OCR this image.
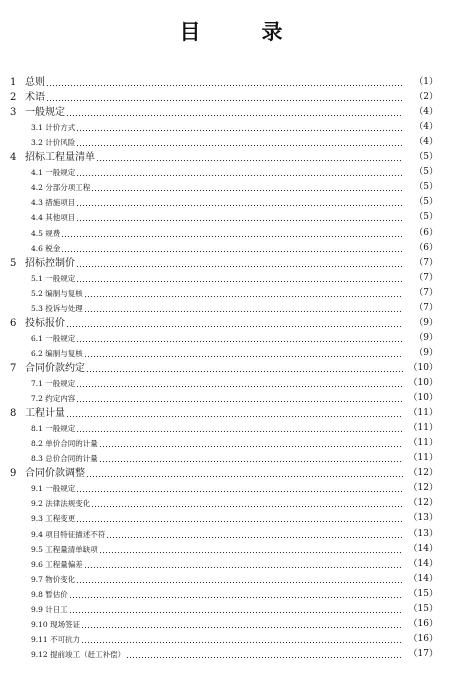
目　录
1 总则	（1）
2 术语	（2）
3 一般规定	（4）
3.1 计价方式	（4）
3.2 计价风险	（4）
4 招标工程量清单	（5）
4.1 一般规定	（5）
4.2 分部分项工程	（5）
4.3 措施项目	（5）
4.4 其他项目	（5）
4.5 规费	（6）
4.6 税金	（6）
5 招标控制价	（7）
5.1 一般规定	（7）
5.2 编制与复核	（7）
5.3 投诉与处理	（7）
6 投标报价	（9）
6.1 一般规定	（9）
6.2 编制与复核	（9）
7 合同价款约定	（10）
7.1 一般规定	（10）
7.2 约定内容	（10）
8 工程计量	（11）
8.1 一般规定	（11）
8.2 单价合同的计量	（11）
8.3 总价合同的计量	（11）
9 合同价款调整	（12）
9.1 一般规定	（12）
9.2 法律法规变化	（12）
9.3 工程变更	（13）
9.4 项目特征描述不符	（13）
9.5 工程量清单缺项	（14）
9.6 工程量偏差	（14）
9.7 物价变化	（14）
9.8 暂估价	（15）
9.9 计日工	（15）
9.10 现场签证	（16）
9.11 不可抗力	（16）
9.12 提前竣工（赶工补偿）	（17）
